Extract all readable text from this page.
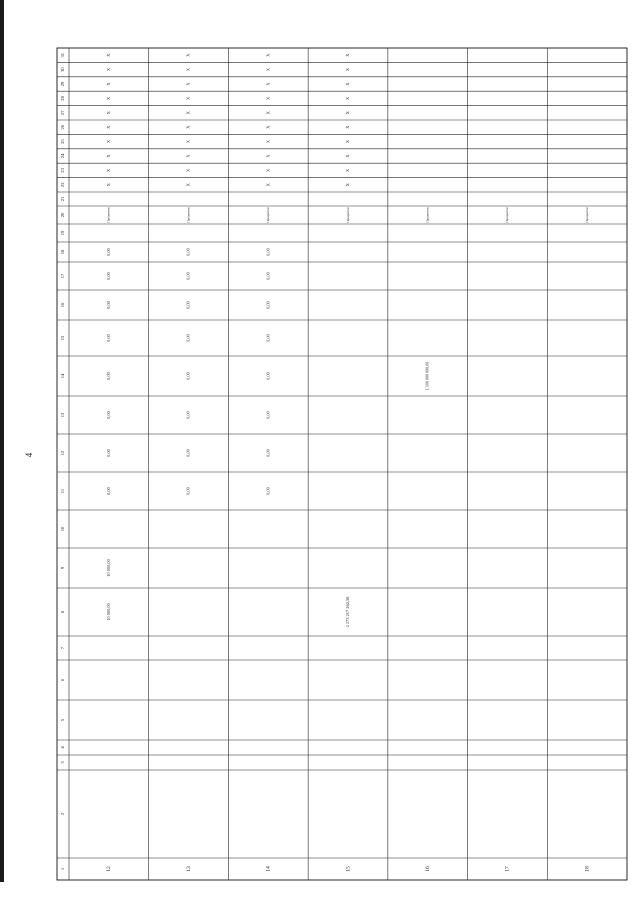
4
1
2
3
4
5
6
7
8
9
10
11
12
13
14
15
16
17
18
19
20
21
22
23
24
25
26
27
28
29
30
31
12
10 000,00
10 000,00
0,00
0,00
0,00
0,00
0,00
0,00
0,00
0,00
Процентов
Х
Х
Х
Х
Х
Х
Х
Х
Х
Х
13
0,00
0,00
0,00
0,00
0,00
0,00
0,00
0,00
Процентов
Х
Х
Х
Х
Х
Х
Х
Х
Х
Х
14
0,00
0,00
0,00
0,00
0,00
0,00
0,00
0,00
Процентов
Х
Х
Х
Х
Х
Х
Х
Х
Х
Х
15
2 173 217 262,56
Процентов
Х
Х
Х
Х
Х
Х
Х
Х
Х
Х
16
1 500 000 000,00
Процентов
17
Процентов
18
Процентов
